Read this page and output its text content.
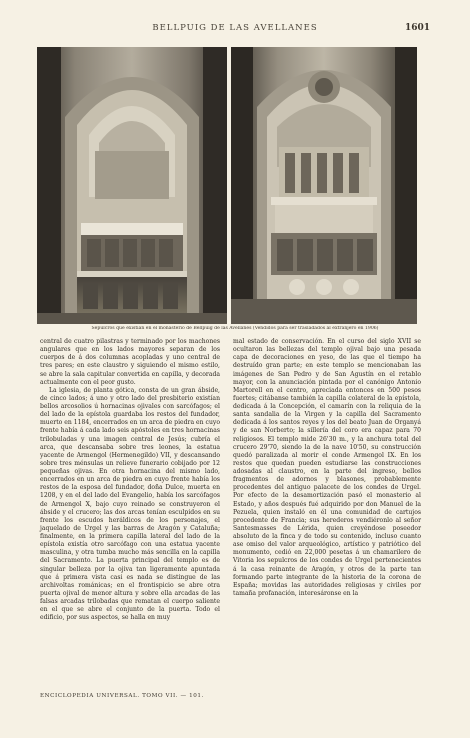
BELLPUIG DE LAS AVELLANES	1601
Sepulcros que existían en el monasterio de Bellpuig de las Avellanes (Vendidos para ser trasladados al extranjero en 1906)

central de cuatro pilastras y terminado por los machones angulares que en los lados mayores separan de los cuerpos de á dos columnas acopladas y uno central de tres pares; en este claustro y siguiendo el mismo estilo, se abre la sala capitular convertida en capilla, y decorada actualmente con el peor gusto.

La iglesia, de planta gótica, consta de un gran ábside, de cinco lados; á uno y otro lado del presbiterio existían bellos arcosolios ú hornacinas ojivales con sarcófagos; el del lado de la epístola guardaba los restos del fundador, muerto en 1184, encerrados en un arca de piedra en cuyo frente había á cada lado seis apóstoles en tres hornacinas trilobuladas y una imagen central de Jesús; cubría el arca, que descansaba sobre tres leones, la estatua yacente de Armengol (Hermenegildo) VII, y descansando sobre tres ménsulas un relieve funerario cobijado por 12 pequeñas ojivas. En otra hornacina del mismo lado, encerrados en un arca de piedra en cuyo frente había los restos de la esposa del fundador, doña Dulce, muerta en 1208, y en el del lado del Evangelio, había los sarcófagos de Armengol X, bajo cuyo reinado se construyeron el ábside y el crucero; las dos arcas tenían esculpidos en su frente los escudos heráldicos de los personajes, el jaquelado de Urgel y las barras de Aragón y Cataluña; finalmente, en la primera capilla lateral del lado de la epístola existía otro sarcófago con una estatua yacente masculina, y otra tumba mucho más sencilla en la capilla del Sacramento. La puerta principal del templo es de singular belleza por la ojiva tan ligeramente apuntada que á primera vista casi es nada se distingue de las archivoltas románicas; en el frontispicio se abre otra puerta ojival de menor altura y sobre ella arcadas de las falsas arcadas trilobadas que rematan el cuerpo saliente en el que se abre el conjunto de la puerta. Todo el edificio, por sus aspectos, se halla en muy

mal estado de conservación. En el curso del siglo XVII se ocultaron las bellezas del templo ojival bajo una pesada capa de decoraciones en yeso, de las que el tiempo ha destruído gran parte; en este templo se mencionaban las imágenes de San Pedro y de San Agustín en el retablo mayor, con la anunciación pintada por el canónigo Antonio Martorell en el centro, apreciada entonces en 500 pesos fuertes; citábanse también la capilla colateral de la epístola, dedicada á la Concepción, el camarín con la reliquia de la santa sandalia de la Virgen y la capilla del Sacramento dedicada á los santos reyes y los del beato Juan de Organyá y de san Norberto; la sillería del coro era capaz para 70 religiosos. El templo mide 26'30 m., y la anchura total del crucero 29'70, siendo la de la nave 10'50, su construcción quedó paralizada al morir el conde Armengol IX. En los restos que quedan pueden estudiarse las construcciones adosadas al claustro, en la parte del ingreso, bellos fragmentos de adornos y blasones, probablemente procedentes del antiguo palacete de los condes de Urgel. Por efecto de la desamortización pasó el monasterio al Estado, y años después fué adquirido por don Manuel de la Pezuela, quien instaló en él una comunidad de cartujos procedente de Francia; sus herederos vendiéronlo al señor Santesmasses de Lérida, quien creyéndose poseedor absoluto de la finca y de todo su contenido, incluso cuanto ase omiso del valor arqueológico, artístico y patriótico del monumento, cedió en 22,000 pesetas á un chamarilero de Vitoria los sepulcros de los condes de Urgel pertenecientes á la casa reinante de Aragón, y otros de la parte tan formando parte integrante de la historia de la corona de España; movidas las autoridades religiosas y civiles por tamaña profanación, interesáronse en la

ENCICLOPEDIA UNIVERSAL. TOMO VII. — 101.
